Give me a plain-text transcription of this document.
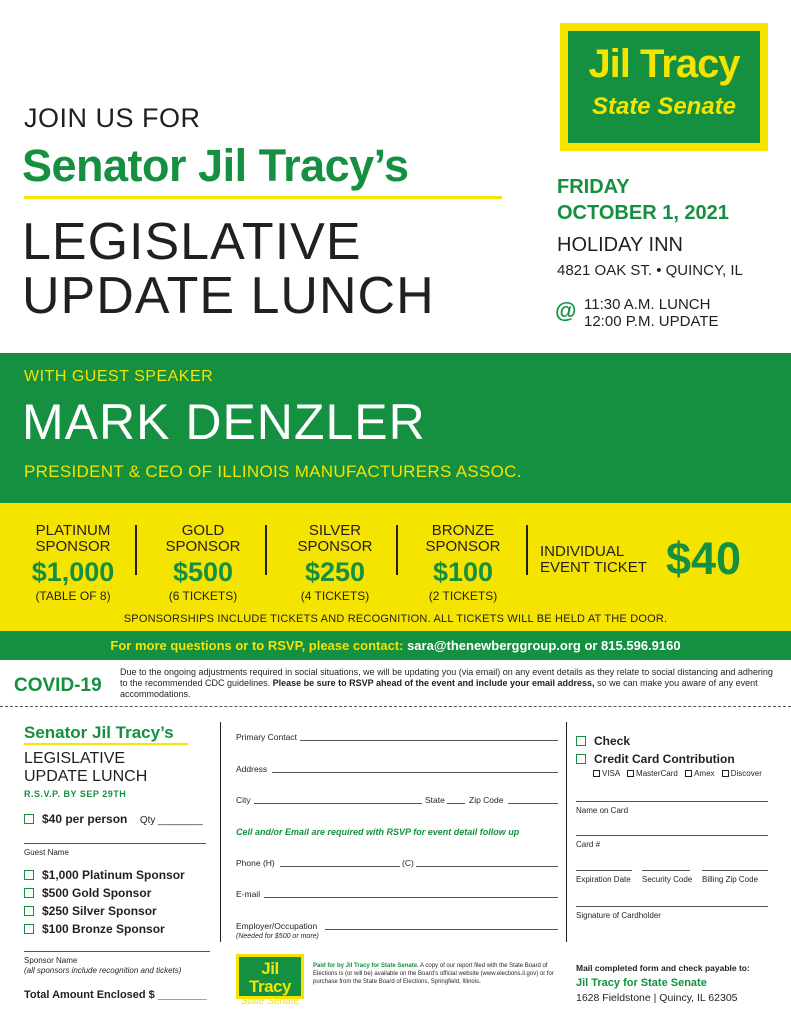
JOIN US FOR
Senator Jil Tracy’s
LEGISLATIVE
UPDATE LUNCH
Jil Tracy
State Senate
FRIDAY
OCTOBER 1, 2021
HOLIDAY INN
4821 OAK ST. • QUINCY, IL
@ 11:30 A.M. LUNCH
12:00 P.M. UPDATE
WITH GUEST SPEAKER
MARK DENZLER
PRESIDENT & CEO OF ILLINOIS MANUFACTURERS ASSOC.
PLATINUM
SPONSOR
$1,000
(TABLE OF 8)
GOLD
SPONSOR
$500
(6 TICKETS)
SILVER
SPONSOR
$250
(4 TICKETS)
BRONZE
SPONSOR
$100
(2 TICKETS)
INDIVIDUAL
EVENT TICKET $40
SPONSORSHIPS INCLUDE TICKETS AND RECOGNITION. ALL TICKETS WILL BE HELD AT THE DOOR.
For more questions or to RSVP, please contact: sara@thenewberggroup.org or 815.596.9160
COVID-19
Due to the ongoing adjustments required in social situations, we will be updating you (via email) on any event details as they relate to social distancing and adhering to the recommended CDC guidelines. Please be sure to RSVP ahead of the event and include your email address, so we can make you aware of any event accommodations.
Senator Jil Tracy’s
LEGISLATIVE
UPDATE LUNCH
R.S.V.P. BY SEP 29TH
$40 per person Qty ________
Guest Name
$1,000 Platinum Sponsor
$500 Gold Sponsor
$250 Silver Sponsor
$100 Bronze Sponsor
Sponsor Name
(all sponsors include recognition and tickets)
Total Amount Enclosed $ ________
Primary Contact
Address
City	State	Zip Code
Cell and/or Email are required with RSVP for event detail follow up
Phone (H)	(C)
E-mail
Employer/Occupation
(Needed for $500 or more)
Jil Tracy
State Senate
Paid for by Jil Tracy for State Senate. A copy of our report filed with the State Board of Elections is (or will be) available on the Board’s official website (www.elections.il.gov) or for purchase from the State Board of Elections, Springfield, Illinois.
Check
Credit Card Contribution
VISA MasterCard Amex Discover
Name on Card
Card #
Expiration Date Security Code Billing Zip Code
Signature of Cardholder
Mail completed form and check payable to:
Jil Tracy for State Senate
1628 Fieldstone | Quincy, IL 62305
